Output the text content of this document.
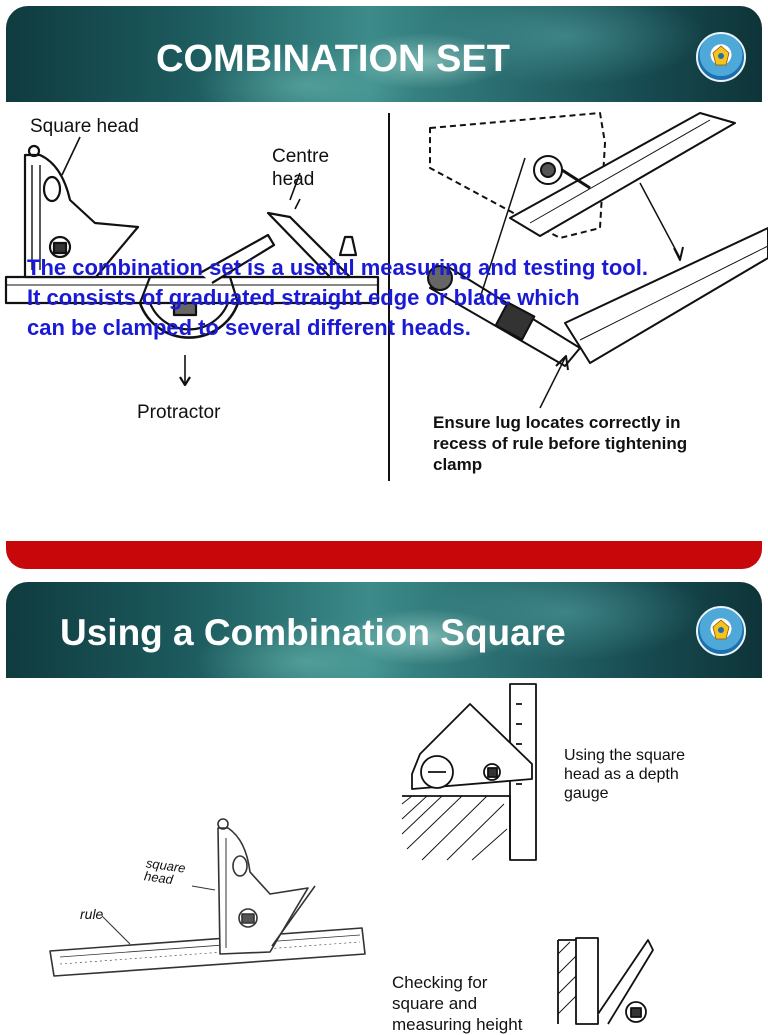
COMBINATION SET
Square head
Centre
head
Protractor	Ensure lug locates correctly in
recess of rule before tightening
clamp
The combination set is a useful measuring and testing tool.
It consists of graduated straight edge or blade which
can be clamped to several different heads.
Using a Combination Square
square
head
rule
Using the square
head as a depth
gauge
Checking for
square and
measuring height
